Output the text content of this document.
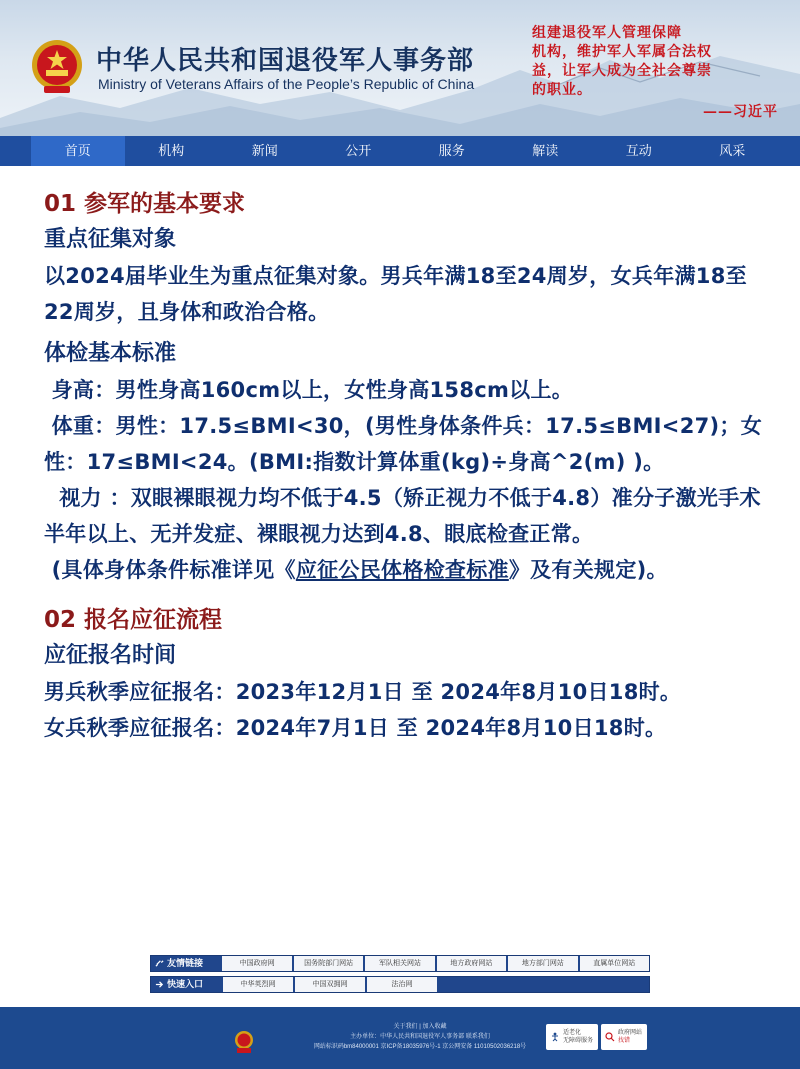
中华人民共和国退役军人事务部
Ministry of Veterans Affairs of the People’s Republic of China
组建退役军人管理保障
机构，维护军人军属合法权
益，让军人成为全社会尊崇
的职业。
——习近平
首页	机构	新闻	公开	服务	解读	互动	风采
01 参军的基本要求
重点征集对象
以2024届毕业生为重点征集对象。男兵年满18至24周岁，女兵年满18至22周岁，且身体和政治合格。
体检基本标准
身高：男性身高160cm以上，女性身高158cm以上。
体重：男性：17.5≤BMI<30，(男性身体条件兵：17.5≤BMI<27)；女性：17≤BMI<24。(BMI:指数计算体重(kg)÷身高^2(m) )。
视力 ：双眼裸眼视力均不低于4.5（矫正视力不低于4.8）准分子激光手术半年以上、无并发症、裸眼视力达到4.8、眼底检查正常。
(具体身体条件标准详见《应征公民体格检查标准》及有关规定)。
02 报名应征流程
应征报名时间
男兵秋季应征报名：2023年12月1日 至 2024年8月10日18时。
女兵秋季应征报名：2024年7月1日 至 2024年8月10日18时。
友情链接	中国政府网	国务院部门网站	军队相关网站	地方政府网站	地方部门网站	直属单位网站
快速入口	中华英烈网	中国双拥网	法治网
关于我们 | 加入收藏
主办单位：中华人民共和国退役军人事务部 联系我们
网站标识码bm84000001 京ICP备18035976号-1 京公网安备 11010502036218号
适老化
无障碍服务
政府网站
找错
